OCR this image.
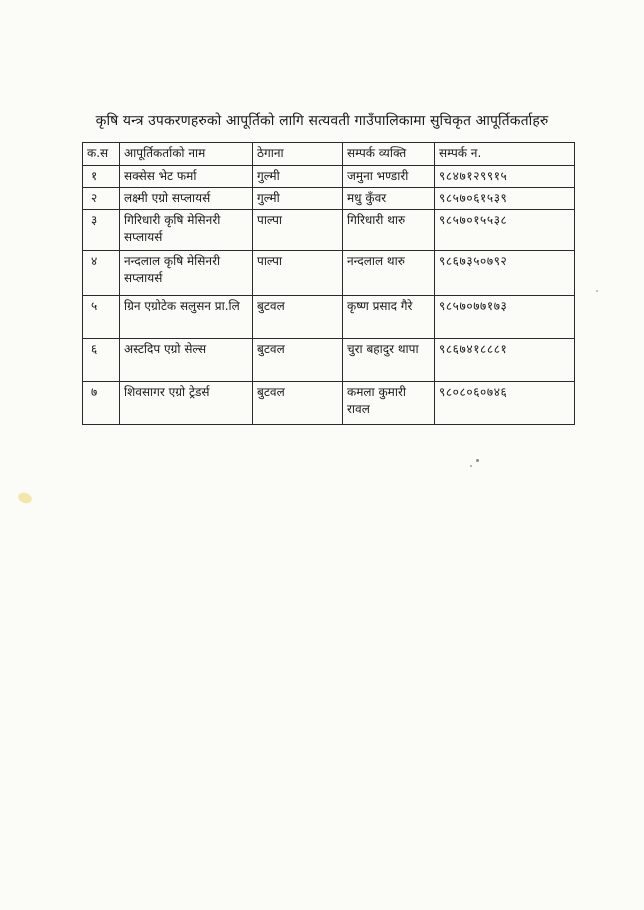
कृषि यन्त्र उपकरणहरुको आपूर्तिको लागि सत्यवती गाउँपालिकामा सुचिकृत आपूर्तिकर्ताहरु
क.स	आपूर्तिकर्ताको नाम	ठेगाना	सम्पर्क व्यक्ति	सम्पर्क न.
१	सक्सेस भेट फर्मा	गुल्मी	जमुना भण्डारी	९८४७१२९९१५
२	लक्ष्मी एग्रो सप्लायर्स	गुल्मी	मधु कुँवर	९८५७०६१५३९
३	गिरिधारी कृषि मेसिनरी सप्लायर्स	पाल्पा	गिरिधारी थारु	९८५७०१५५३८
४	नन्दलाल कृषि मेसिनरी सप्लायर्स	पाल्पा	नन्दलाल थारु	९८६७३५०७९२
५	ग्रिन एग्रोटेक सलुसन प्रा.लि	बुटवल	कृष्ण प्रसाद गैरे	९८५७०७७१७३
६	अस्टदिप एग्रो सेल्स	बुटवल	चुरा बहादुर थापा	९८६७४१८८८१
७	शिवसागर एग्रो ट्रेडर्स	बुटवल	कमला कुमारी रावल	९८०८०६०७४६
